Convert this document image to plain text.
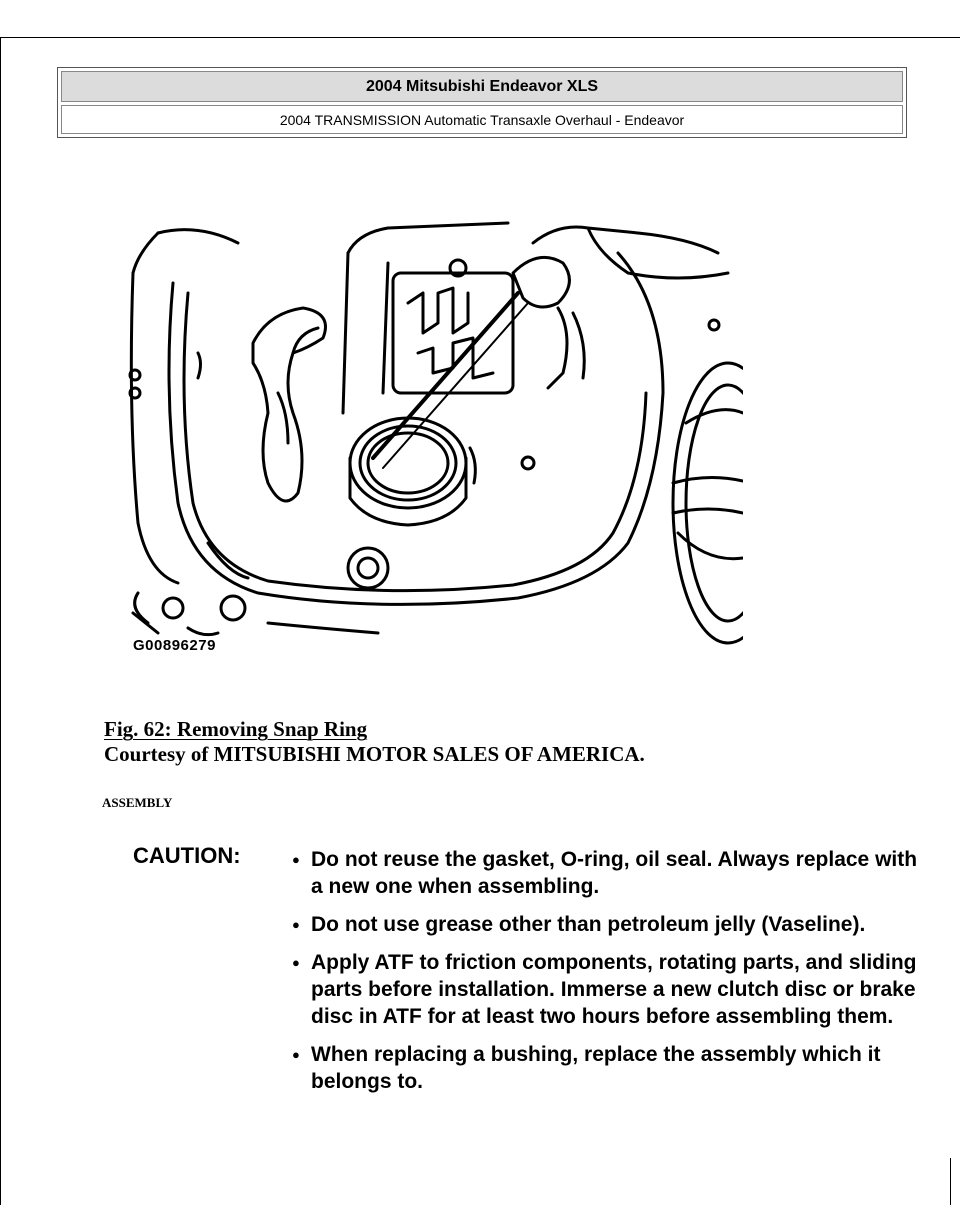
2004 Mitsubishi Endeavor XLS
2004 TRANSMISSION Automatic Transaxle Overhaul - Endeavor
G00896279
Fig. 62: Removing Snap Ring
Courtesy of MITSUBISHI MOTOR SALES OF AMERICA.
ASSEMBLY
CAUTION:	● Do not reuse the gasket, O-ring, oil seal. Always replace with a new one when assembling.
● Do not use grease other than petroleum jelly (Vaseline).
● Apply ATF to friction components, rotating parts, and sliding parts before installation. Immerse a new clutch disc or brake disc in ATF for at least two hours before assembling them.
● When replacing a bushing, replace the assembly which it belongs to.
